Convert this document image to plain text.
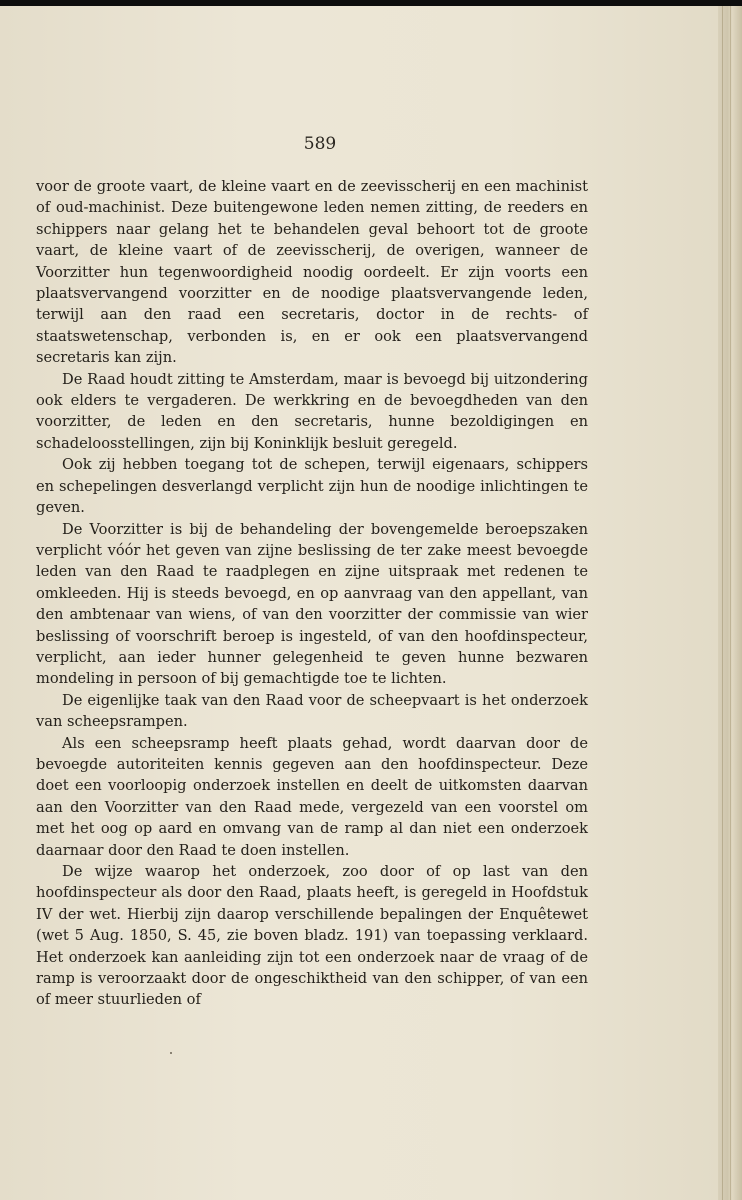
589

voor de groote vaart, de kleine vaart en de zeevisscherij en een machinist of oud-machinist. Deze buitengewone leden nemen zitting, de reeders en schippers naar gelang het te behandelen geval behoort tot de groote vaart, de kleine vaart of de zeevisscherij, de overigen, wanneer de Voorzitter hun tegenwoordigheid noodig oordeelt. Er zijn voorts een plaatsvervangend voorzitter en de noodige plaatsvervangende leden, terwijl aan den raad een secretaris, doctor in de rechts- of staatswetenschap, verbonden is, en er ook een plaatsvervangend secretaris kan zijn.

De Raad houdt zitting te Amsterdam, maar is bevoegd bij uitzondering ook elders te vergaderen. De werkkring en de bevoegdheden van den voorzitter, de leden en den secretaris, hunne bezoldigingen en schadeloosstellingen, zijn bij Koninklijk besluit geregeld.

Ook zij hebben toegang tot de schepen, terwijl eigenaars, schippers en schepelingen desverlangd verplicht zijn hun de noodige inlichtingen te geven.

De Voorzitter is bij de behandeling der bovengemelde beroepszaken verplicht vóór het geven van zijne beslissing de ter zake meest bevoegde leden van den Raad te raadplegen en zijne uitspraak met redenen te omkleeden. Hij is steeds bevoegd, en op aanvraag van den appellant, van den ambtenaar van wiens, of van den voorzitter der commissie van wier beslissing of voorschrift beroep is ingesteld, of van den hoofdinspecteur, verplicht, aan ieder hunner gelegenheid te geven hunne bezwaren mondeling in persoon of bij gemachtigde toe te lichten.

De eigenlijke taak van den Raad voor de scheepvaart is het onderzoek van scheepsrampen.

Als een scheepsramp heeft plaats gehad, wordt daarvan door de bevoegde autoriteiten kennis gegeven aan den hoofdinspecteur. Deze doet een voorloopig onderzoek instellen en deelt de uitkomsten daarvan aan den Voorzitter van den Raad mede, vergezeld van een voorstel om met het oog op aard en omvang van de ramp al dan niet een onderzoek daarnaar door den Raad te doen instellen.

De wijze waarop het onderzoek, zoo door of op last van den hoofdinspecteur als door den Raad, plaats heeft, is geregeld in Hoofdstuk IV der wet. Hierbij zijn daarop verschillende bepalingen der Enquêtewet (wet 5 Aug. 1850, S. 45, zie boven bladz. 191) van toepassing verklaard. Het onderzoek kan aanleiding zijn tot een onderzoek naar de vraag of de ramp is veroorzaakt door de ongeschiktheid van den schipper, of van een of meer stuurlieden of
